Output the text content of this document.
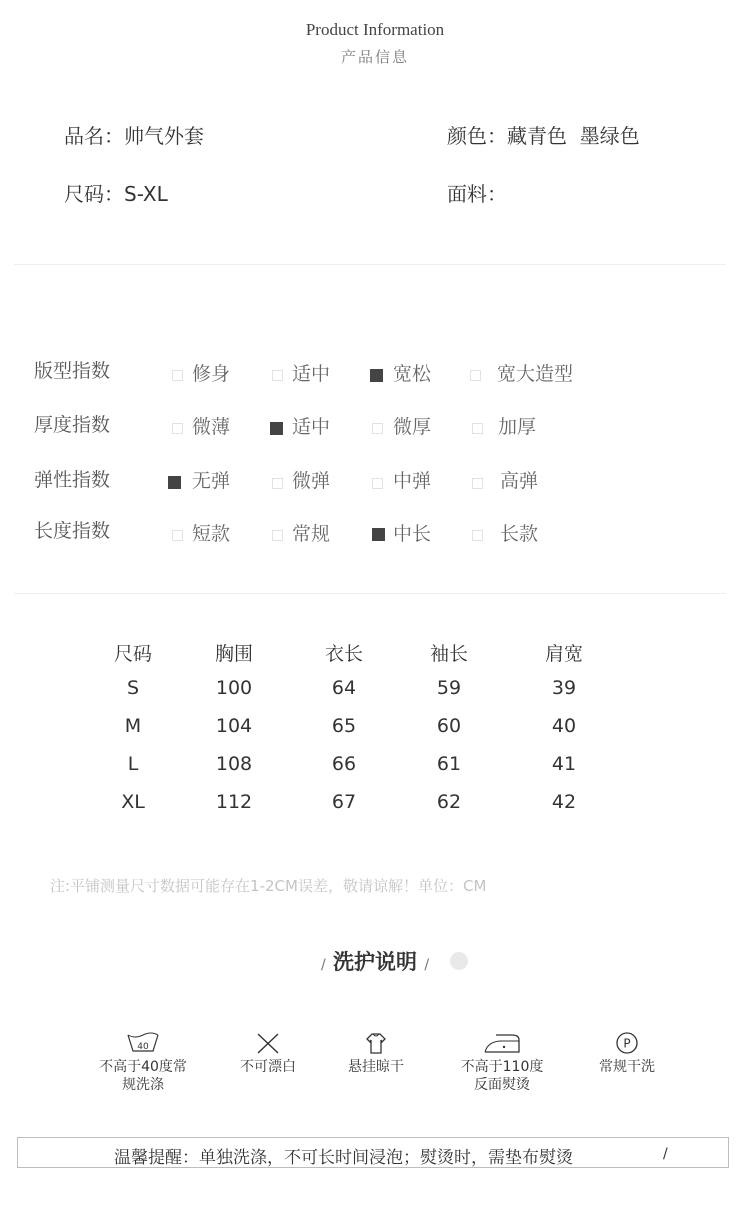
Product Information
产品信息
品名：帅气外套	颜色：藏青色  墨绿色
尺码：S-XL	面料：
版型指数	修身	适中	宽松	宽大造型
厚度指数	微薄	适中	微厚	加厚
弹性指数	无弹	微弹	中弹	高弹
长度指数	短款	常规	中长	长款
尺码	胸围	衣长	袖长	肩宽
S	100	64	59	39
M	104	65	60	40
L	108	66	61	41
XL	112	67	62	42
注:平铺测量尺寸数据可能存在1-2CM误差，敬请谅解！单位：CM
/ 洗护说明 /
40
不高于40度常
规洗涤
不可漂白	悬挂晾干	不高于110度
反面熨烫
P
常规干洗
温馨提醒：单独洗涤，不可长时间浸泡；熨烫时，需垫布熨烫	/
